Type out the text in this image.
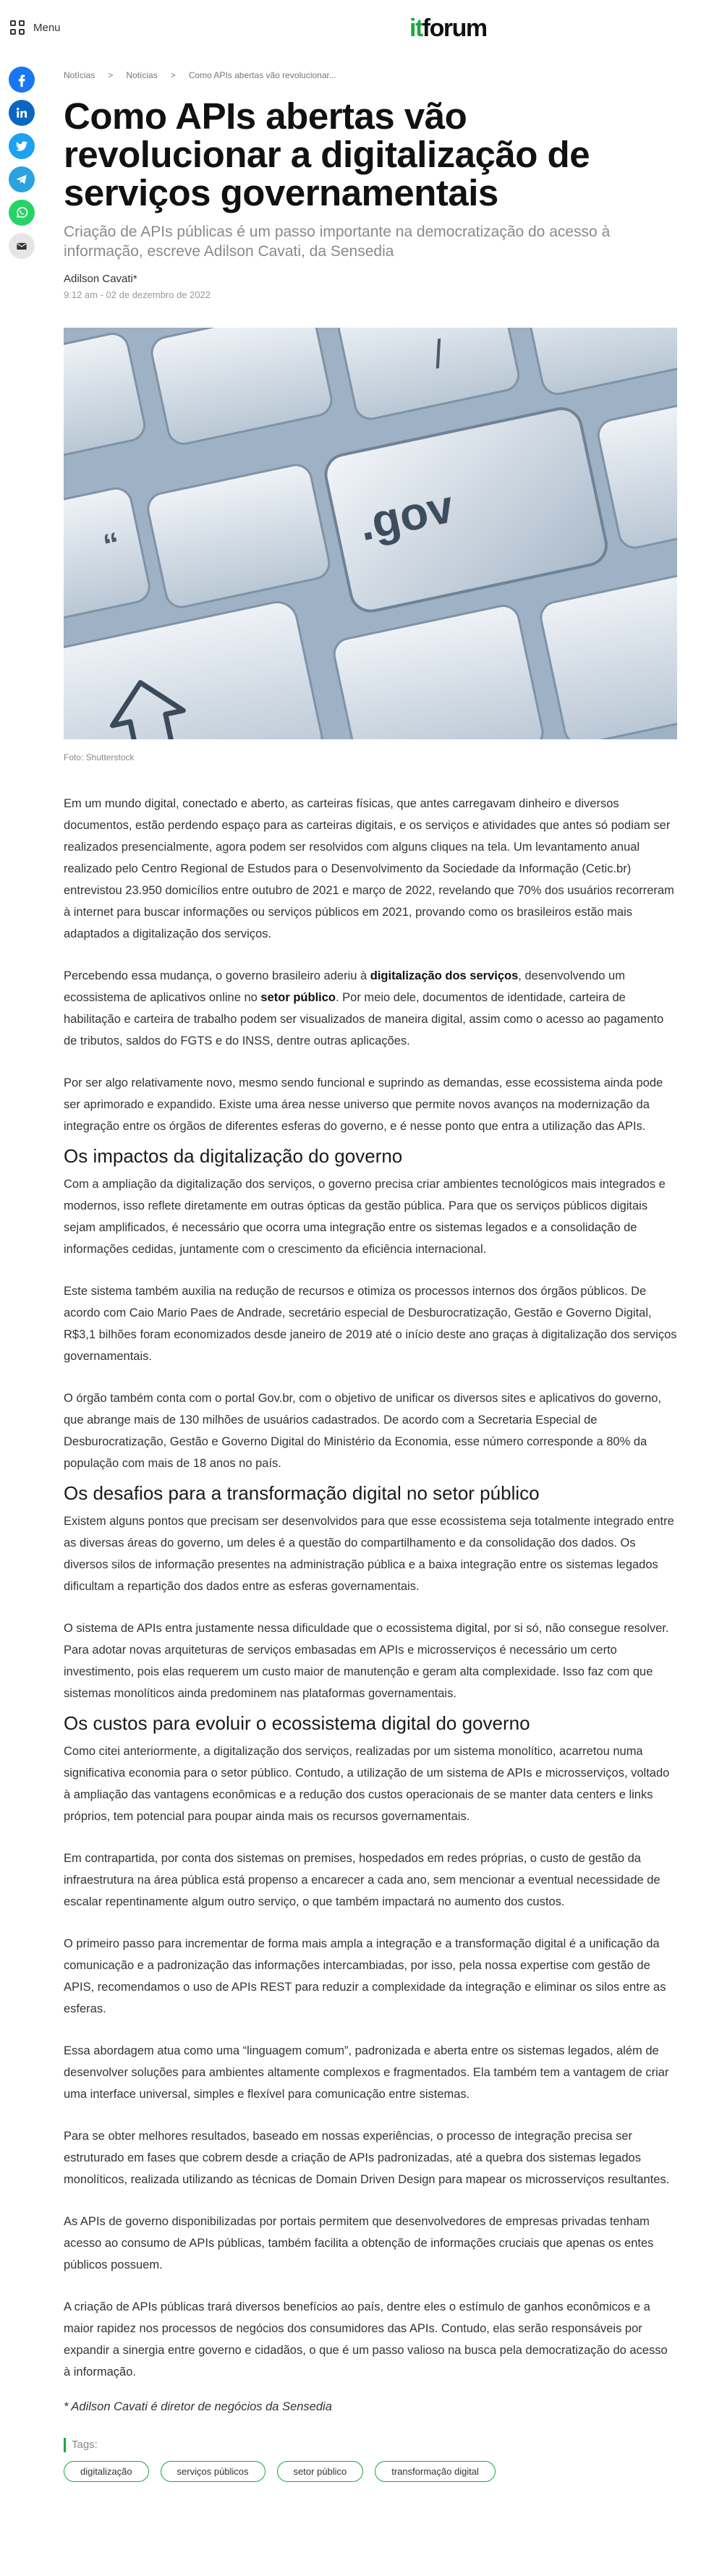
Menu	itforum
Notícias > Notícias > Como APIs abertas vão revolucionar...
Como APIs abertas vão revolucionar a digitalização de serviços governamentais

Criação de APIs públicas é um passo importante na democratização do acesso à informação, escreve Adilson Cavati, da Sensedia

Adilson Cavati*

9:12 am - 02 de dezembro de 2022

“
/
.gov

Foto: Shutterstock

Em um mundo digital, conectado e aberto, as carteiras físicas, que antes carregavam dinheiro e diversos documentos, estão perdendo espaço para as carteiras digitais, e os serviços e atividades que antes só podiam ser realizados presencialmente, agora podem ser resolvidos com alguns cliques na tela. Um levantamento anual realizado pelo Centro Regional de Estudos para o Desenvolvimento da Sociedade da Informação (Cetic.br) entrevistou 23.950 domicílios entre outubro de 2021 e março de 2022, revelando que 70% dos usuários recorreram à internet para buscar informações ou serviços públicos em 2021, provando como os brasileiros estão mais adaptados a digitalização dos serviços.

Percebendo essa mudança, o governo brasileiro aderiu à digitalização dos serviços, desenvolvendo um ecossistema de aplicativos online no setor público. Por meio dele, documentos de identidade, carteira de habilitação e carteira de trabalho podem ser visualizados de maneira digital, assim como o acesso ao pagamento de tributos, saldos do FGTS e do INSS, dentre outras aplicações.

Por ser algo relativamente novo, mesmo sendo funcional e suprindo as demandas, esse ecossistema ainda pode ser aprimorado e expandido. Existe uma área nesse universo que permite novos avanços na modernização da integração entre os órgãos de diferentes esferas do governo, e é nesse ponto que entra a utilização das APIs.

Os impactos da digitalização do governo

Com a ampliação da digitalização dos serviços, o governo precisa criar ambientes tecnológicos mais integrados e modernos, isso reflete diretamente em outras ópticas da gestão pública. Para que os serviços públicos digitais sejam amplificados, é necessário que ocorra uma integração entre os sistemas legados e a consolidação de informações cedidas, juntamente com o crescimento da eficiência internacional.

Este sistema também auxilia na redução de recursos e otimiza os processos internos dos órgãos públicos. De acordo com Caio Mario Paes de Andrade, secretário especial de Desburocratização, Gestão e Governo Digital, R$3,1 bilhões foram economizados desde janeiro de 2019 até o início deste ano graças à digitalização dos serviços governamentais.

O órgão também conta com o portal Gov.br, com o objetivo de unificar os diversos sites e aplicativos do governo, que abrange mais de 130 milhões de usuários cadastrados. De acordo com a Secretaria Especial de Desburocratização, Gestão e Governo Digital do Ministério da Economia, esse número corresponde a 80% da população com mais de 18 anos no país.

Os desafios para a transformação digital no setor público

Existem alguns pontos que precisam ser desenvolvidos para que esse ecossistema seja totalmente integrado entre as diversas áreas do governo, um deles é a questão do compartilhamento e da consolidação dos dados. Os diversos silos de informação presentes na administração pública e a baixa integração entre os sistemas legados dificultam a repartição dos dados entre as esferas governamentais.

O sistema de APIs entra justamente nessa dificuldade que o ecossistema digital, por si só, não consegue resolver. Para adotar novas arquiteturas de serviços embasadas em APIs e microsserviços é necessário um certo investimento, pois elas requerem um custo maior de manutenção e geram alta complexidade. Isso faz com que sistemas monolíticos ainda predominem nas plataformas governamentais.

Os custos para evoluir o ecossistema digital do governo

Como citei anteriormente, a digitalização dos serviços, realizadas por um sistema monolítico, acarretou numa significativa economia para o setor público. Contudo, a utilização de um sistema de APIs e microsserviços, voltado à ampliação das vantagens econômicas e a redução dos custos operacionais de se manter data centers e links próprios, tem potencial para poupar ainda mais os recursos governamentais.

Em contrapartida, por conta dos sistemas on premises, hospedados em redes próprias, o custo de gestão da infraestrutura na área pública está propenso a encarecer a cada ano, sem mencionar a eventual necessidade de escalar repentinamente algum outro serviço, o que também impactará no aumento dos custos.

O primeiro passo para incrementar de forma mais ampla a integração e a transformação digital é a unificação da comunicação e a padronização das informações intercambiadas, por isso, pela nossa expertise com gestão de APIS, recomendamos o uso de APIs REST para reduzir a complexidade da integração e eliminar os silos entre as esferas.

Essa abordagem atua como uma “linguagem comum”, padronizada e aberta entre os sistemas legados, além de desenvolver soluções para ambientes altamente complexos e fragmentados. Ela também tem a vantagem de criar uma interface universal, simples e flexível para comunicação entre sistemas.

Para se obter melhores resultados, baseado em nossas experiências, o processo de integração precisa ser estruturado em fases que cobrem desde a criação de APIs padronizadas, até a quebra dos sistemas legados monolíticos, realizada utilizando as técnicas de Domain Driven Design para mapear os microsserviços resultantes.

As APIs de governo disponibilizadas por portais permitem que desenvolvedores de empresas privadas tenham acesso ao consumo de APIs públicas, também facilita a obtenção de informações cruciais que apenas os entes públicos possuem.

A criação de APIs públicas trará diversos benefícios ao país, dentre eles o estímulo de ganhos econômicos e a maior rapidez nos processos de negócios dos consumidores das APIs. Contudo, elas serão responsáveis por expandir a sinergia entre governo e cidadãos, o que é um passo valioso na busca pela democratização do acesso à informação.

* Adilson Cavati é diretor de negócios da Sensedia

Tags:
digitalização	serviços públicos	setor público	transformação digital
